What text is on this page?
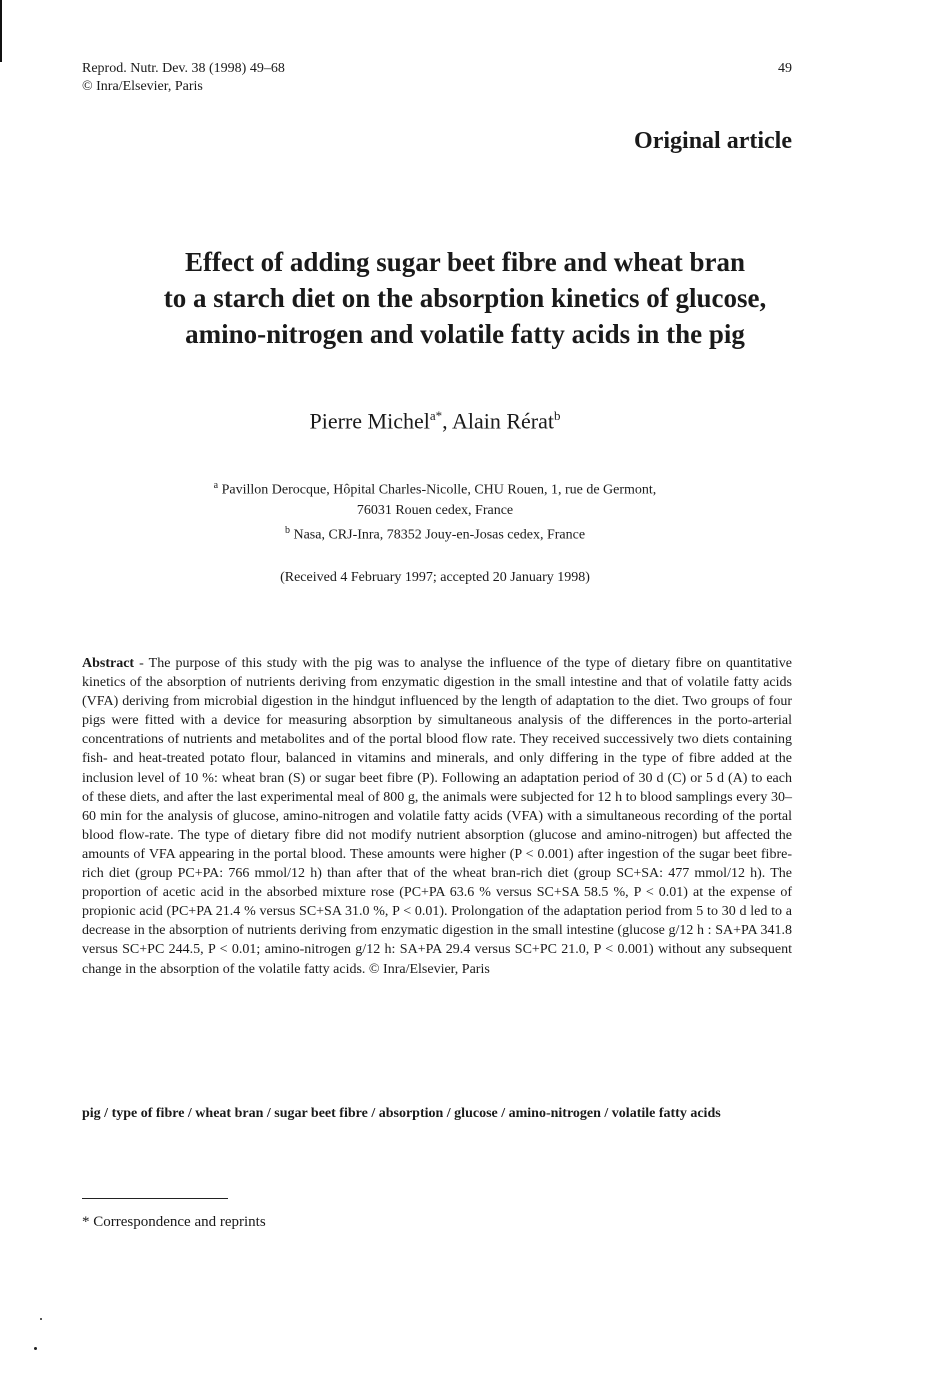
Reprod. Nutr. Dev. 38 (1998) 49–68
© Inra/Elsevier, Paris
49
Original article
Effect of adding sugar beet fibre and wheat bran
to a starch diet on the absorption kinetics of glucose,
amino-nitrogen and volatile fatty acids in the pig
Pierre Michel$^{a*}$, Alain Rérat$^b$
$^a$ Pavillon Derocque, Hôpital Charles-Nicolle, CHU Rouen, 1, rue de Germont,
76031 Rouen cedex, France
$^b$ Nasa, CRJ-Inra, 78352 Jouy-en-Josas cedex, France
(Received 4 February 1997; accepted 20 January 1998)
Abstract - The purpose of this study with the pig was to analyse the influence of the type of dietary fibre on quantitative kinetics of the absorption of nutrients deriving from enzymatic digestion in the small intestine and that of volatile fatty acids (VFA) deriving from microbial digestion in the hindgut influenced by the length of adaptation to the diet. Two groups of four pigs were fitted with a device for measuring absorption by simultaneous analysis of the differences in the porto-arterial concentrations of nutrients and metabolites and of the portal blood flow rate. They received successively two diets containing fish- and heat-treated potato flour, balanced in vitamins and minerals, and only differing in the type of fibre added at the inclusion level of 10 %: wheat bran (S) or sugar beet fibre (P). Following an adaptation period of 30 d (C) or 5 d (A) to each of these diets, and after the last experimental meal of 800 g, the animals were subjected for 12 h to blood samplings every 30–60 min for the analysis of glucose, amino-nitrogen and volatile fatty acids (VFA) with a simultaneous recording of the portal blood flow-rate. The type of dietary fibre did not modify nutrient absorption (glucose and amino-nitrogen) but affected the amounts of VFA appearing in the portal blood. These amounts were higher (P < 0.001) after ingestion of the sugar beet fibre-rich diet (group PC+PA: 766 mmol/12 h) than after that of the wheat bran-rich diet (group SC+SA: 477 mmol/12 h). The proportion of acetic acid in the absorbed mixture rose (PC+PA 63.6 % versus SC+SA 58.5 %, P < 0.01) at the expense of propionic acid (PC+PA 21.4 % versus SC+SA 31.0 %, P < 0.01). Prolongation of the adaptation period from 5 to 30 d led to a decrease in the absorption of nutrients deriving from enzymatic digestion in the small intestine (glucose g/12 h : SA+PA 341.8 versus SC+PC 244.5, P < 0.01; amino-nitrogen g/12 h: SA+PA 29.4 versus SC+PC 21.0, P < 0.001) without any subsequent change in the absorption of the volatile fatty acids. © Inra/Elsevier, Paris
pig / type of fibre / wheat bran / sugar beet fibre / absorption / glucose / amino-nitrogen / volatile fatty acids
* Correspondence and reprints
